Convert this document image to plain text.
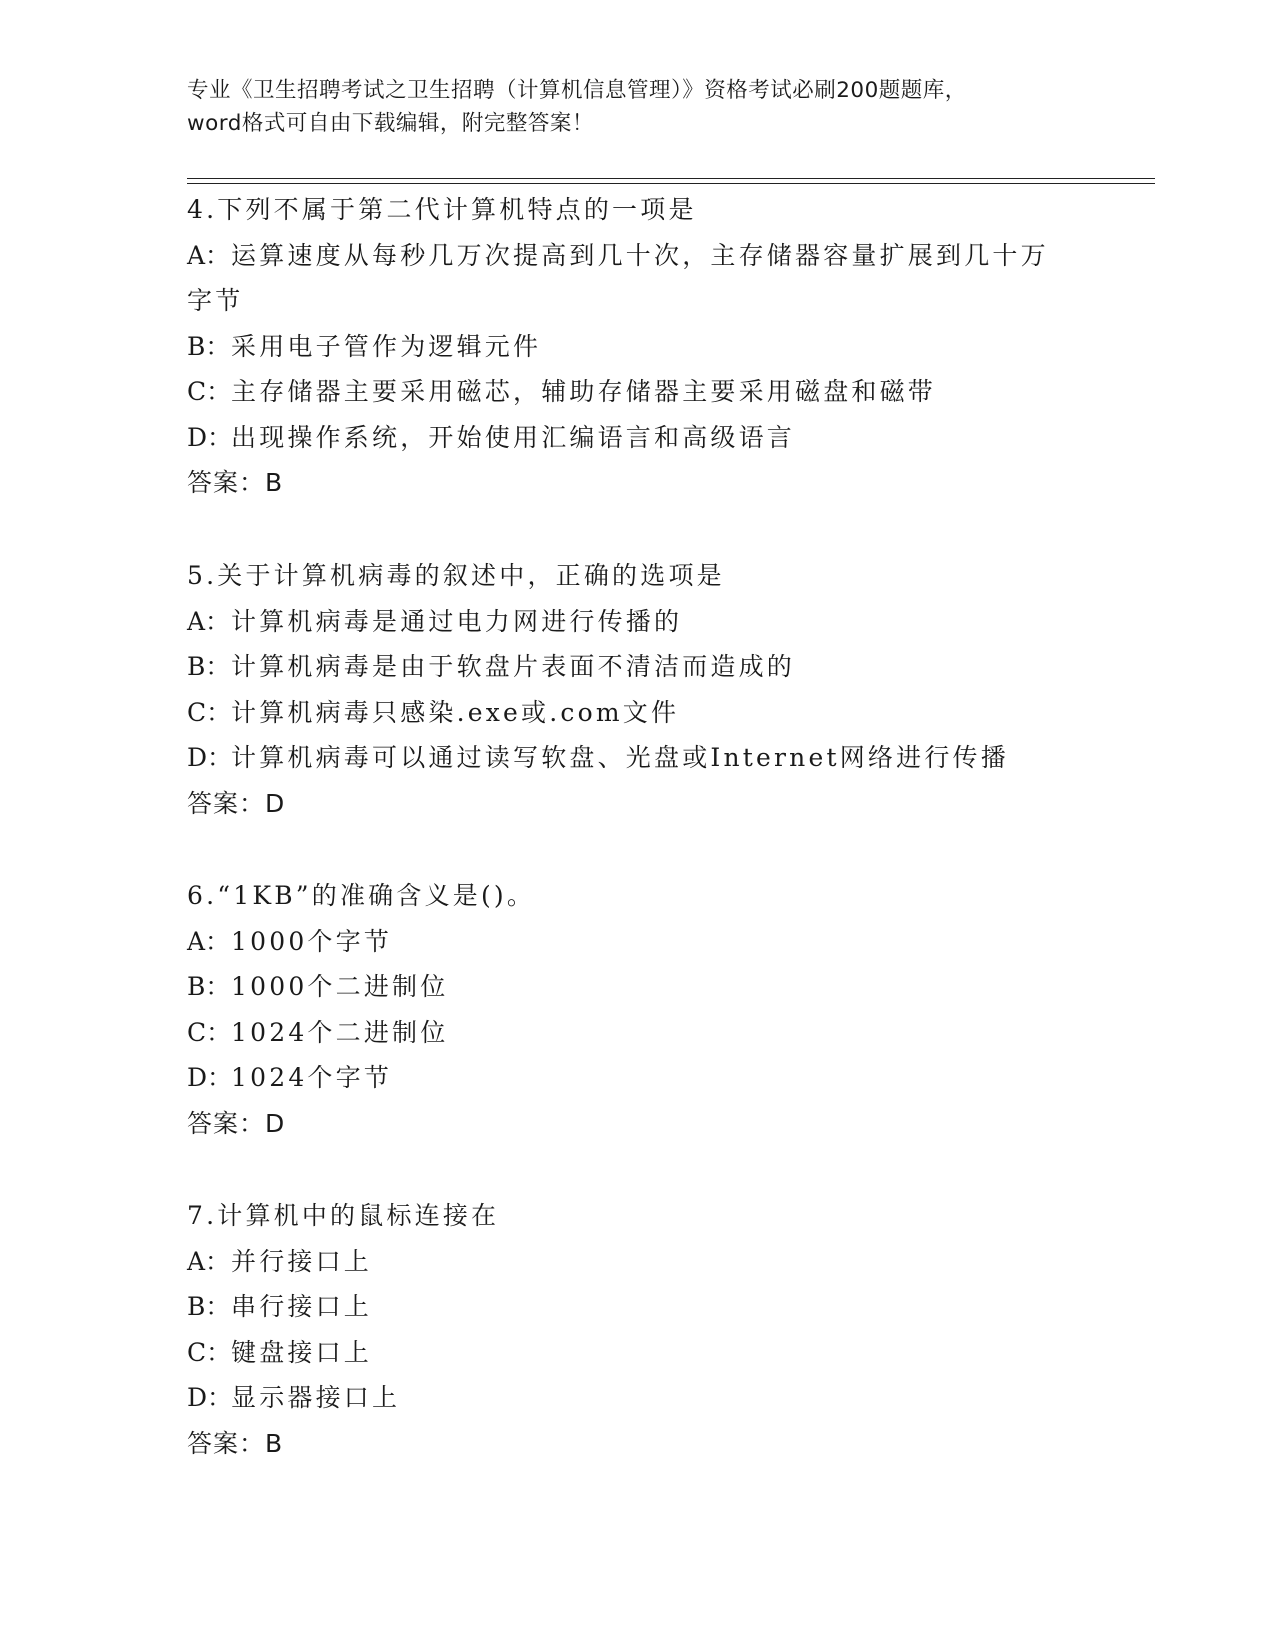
专业《卫生招聘考试之卫生招聘（计算机信息管理）》资格考试必刷200题题库，
word格式可自由下载编辑，附完整答案！
4.下列不属于第二代计算机特点的一项是
A：运算速度从每秒几万次提高到几十次，主存储器容量扩展到几十万
字节
B：采用电子管作为逻辑元件
C：主存储器主要采用磁芯，辅助存储器主要采用磁盘和磁带
D：出现操作系统，开始使用汇编语言和高级语言
答案：B
5.关于计算机病毒的叙述中，正确的选项是
A：计算机病毒是通过电力网进行传播的
B：计算机病毒是由于软盘片表面不清洁而造成的
C：计算机病毒只感染.exe或.com文件
D：计算机病毒可以通过读写软盘、光盘或Internet网络进行传播
答案：D
6.“1KB”的准确含义是()。
A：1000个字节
B：1000个二进制位
C：1024个二进制位
D：1024个字节
答案：D
7.计算机中的鼠标连接在
A：并行接口上
B：串行接口上
C：键盘接口上
D：显示器接口上
答案：B
